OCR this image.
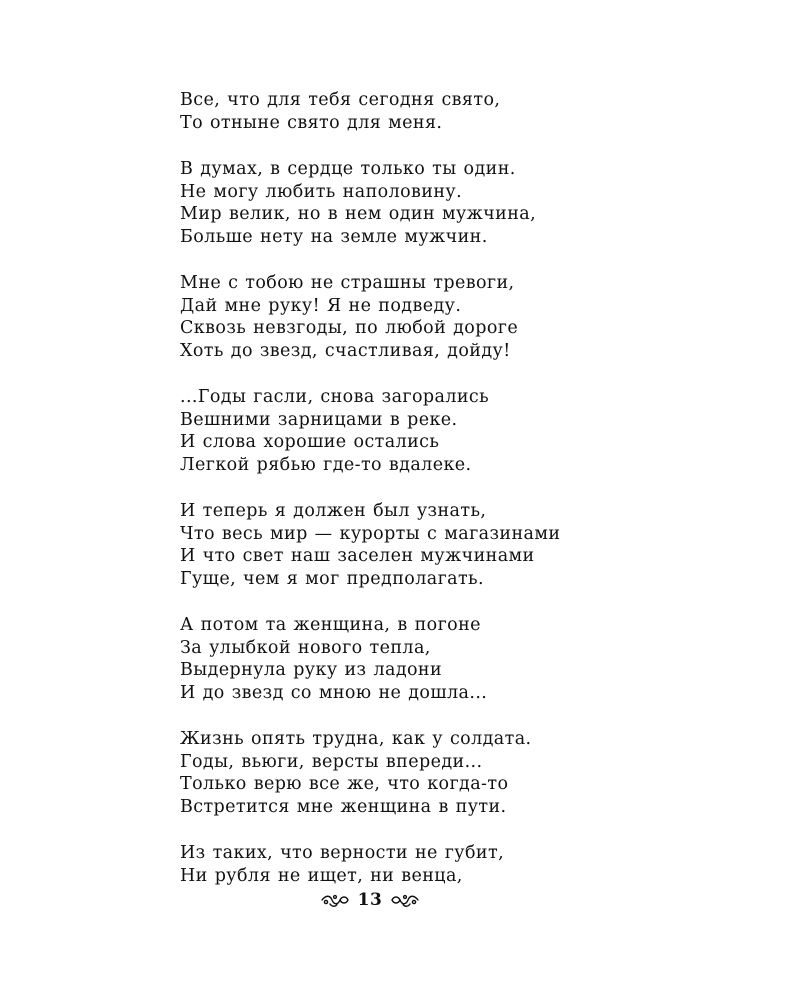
Все, что для тебя сегодня свято,
То отныне свято для меня.
В думах, в сердце только ты один.
Не могу любить наполовину.
Мир велик, но в нем один мужчина,
Больше нету на земле мужчин.
Мне с тобою не страшны тревоги,
Дай мне руку! Я не подведу.
Сквозь невзгоды, по любой дороге
Хоть до звезд, счастливая, дойду!
...Годы гасли, снова загорались
Вешними зарницами в реке.
И слова хорошие остались
Легкой рябью где-то вдалеке.
И теперь я должен был узнать,
Что весь мир — курорты с магазинами
И что свет наш заселен мужчинами
Гуще, чем я мог предполагать.
А потом та женщина, в погоне
За улыбкой нового тепла,
Выдернула руку из ладони
И до звезд со мною не дошла...
Жизнь опять трудна, как у солдата.
Годы, вьюги, версты впереди...
Только верю все же, что когда-то
Встретится мне женщина в пути.
Из таких, что верности не губит,
Ни рубля не ищет, ни венца,
13
